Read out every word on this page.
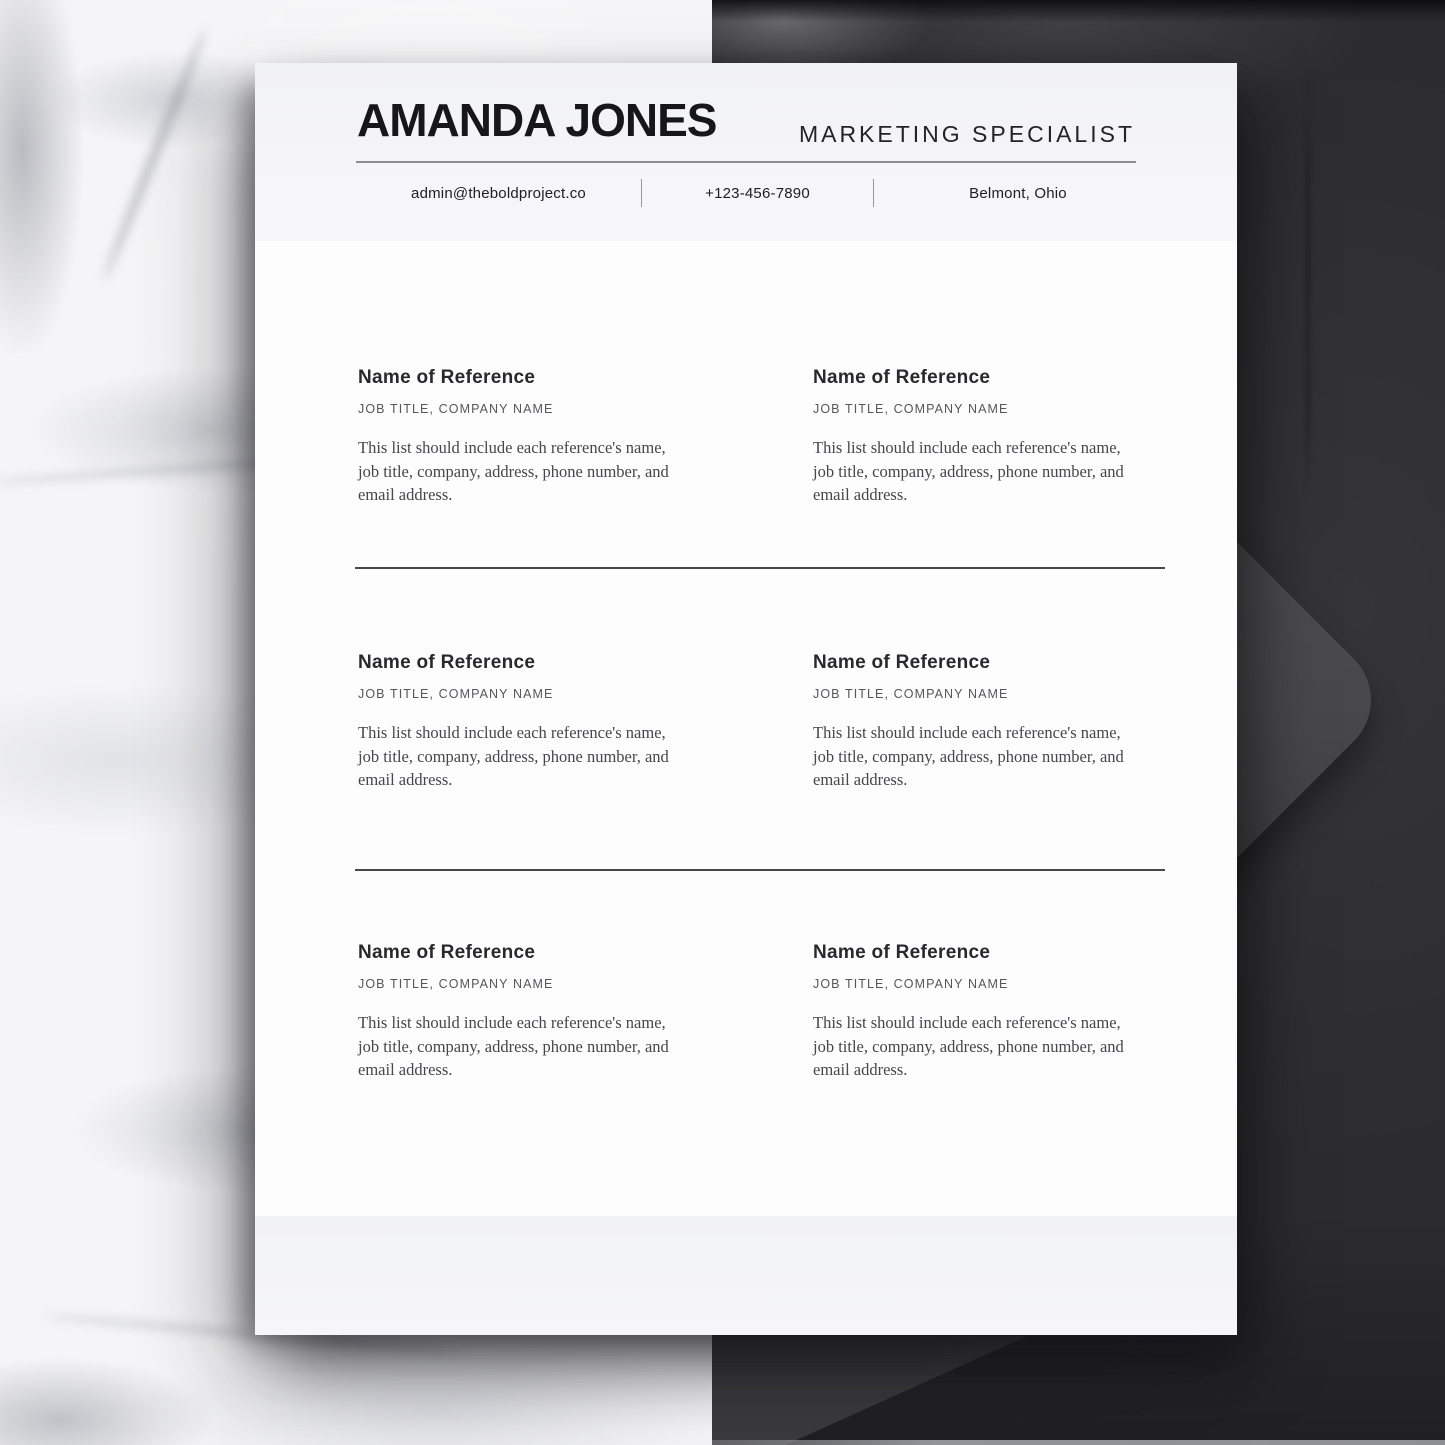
AMANDA JONES	MARKETING SPECIALIST
admin@theboldproject.co	+123-456-7890	Belmont, Ohio
Name of Reference
JOB TITLE, COMPANY NAME

This list should include each reference's name,
job title, company, address, phone number, and
email address.

Name of Reference
JOB TITLE, COMPANY NAME

This list should include each reference's name,
job title, company, address, phone number, and
email address.

Name of Reference
JOB TITLE, COMPANY NAME

This list should include each reference's name,
job title, company, address, phone number, and
email address.

Name of Reference
JOB TITLE, COMPANY NAME

This list should include each reference's name,
job title, company, address, phone number, and
email address.

Name of Reference
JOB TITLE, COMPANY NAME

This list should include each reference's name,
job title, company, address, phone number, and
email address.

Name of Reference
JOB TITLE, COMPANY NAME

This list should include each reference's name,
job title, company, address, phone number, and
email address.
